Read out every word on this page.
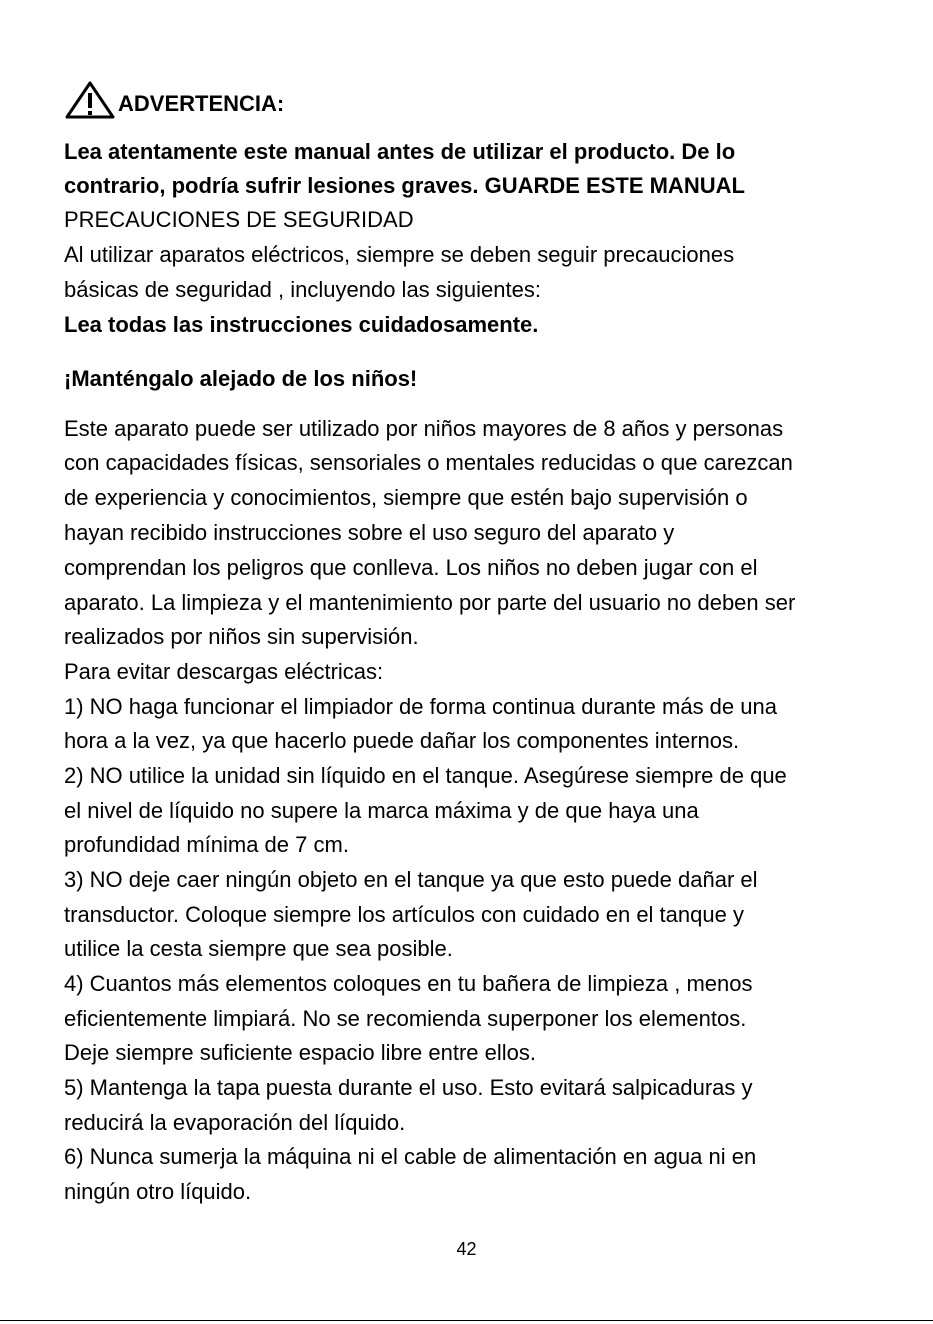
ADVERTENCIA:
Lea atentamente este manual antes de utilizar el producto. De lo
contrario, podría sufrir lesiones graves. GUARDE ESTE MANUAL
PRECAUCIONES DE SEGURIDAD
Al utilizar aparatos eléctricos, siempre se deben seguir precauciones
básicas de seguridad , incluyendo las siguientes:
Lea todas las instrucciones cuidadosamente.
¡Manténgalo alejado de los niños!
Este aparato puede ser utilizado por niños mayores de 8 años y personas
con capacidades físicas, sensoriales o mentales reducidas o que carezcan
de experiencia y conocimientos, siempre que estén bajo supervisión o
hayan recibido instrucciones sobre el uso seguro del aparato y
comprendan los peligros que conlleva. Los niños no deben jugar con el
aparato. La limpieza y el mantenimiento por parte del usuario no deben ser
realizados por niños sin supervisión.
Para evitar descargas eléctricas:
1) NO haga funcionar el limpiador de forma continua durante más de una
hora a la vez, ya que hacerlo puede dañar los componentes internos.
2) NO utilice la unidad sin líquido en el tanque. Asegúrese siempre de que
el nivel de líquido no supere la marca máxima y de que haya una
profundidad mínima de 7 cm.
3) NO deje caer ningún objeto en el tanque ya que esto puede dañar el
transductor. Coloque siempre los artículos con cuidado en el tanque y
utilice la cesta siempre que sea posible.
4) Cuantos más elementos coloques en tu bañera de limpieza , menos
eficientemente limpiará. No se recomienda superponer los elementos.
Deje siempre suficiente espacio libre entre ellos.
5) Mantenga la tapa puesta durante el uso. Esto evitará salpicaduras y
reducirá la evaporación del líquido.
6) Nunca sumerja la máquina ni el cable de alimentación en agua ni en
ningún otro líquido.
42
